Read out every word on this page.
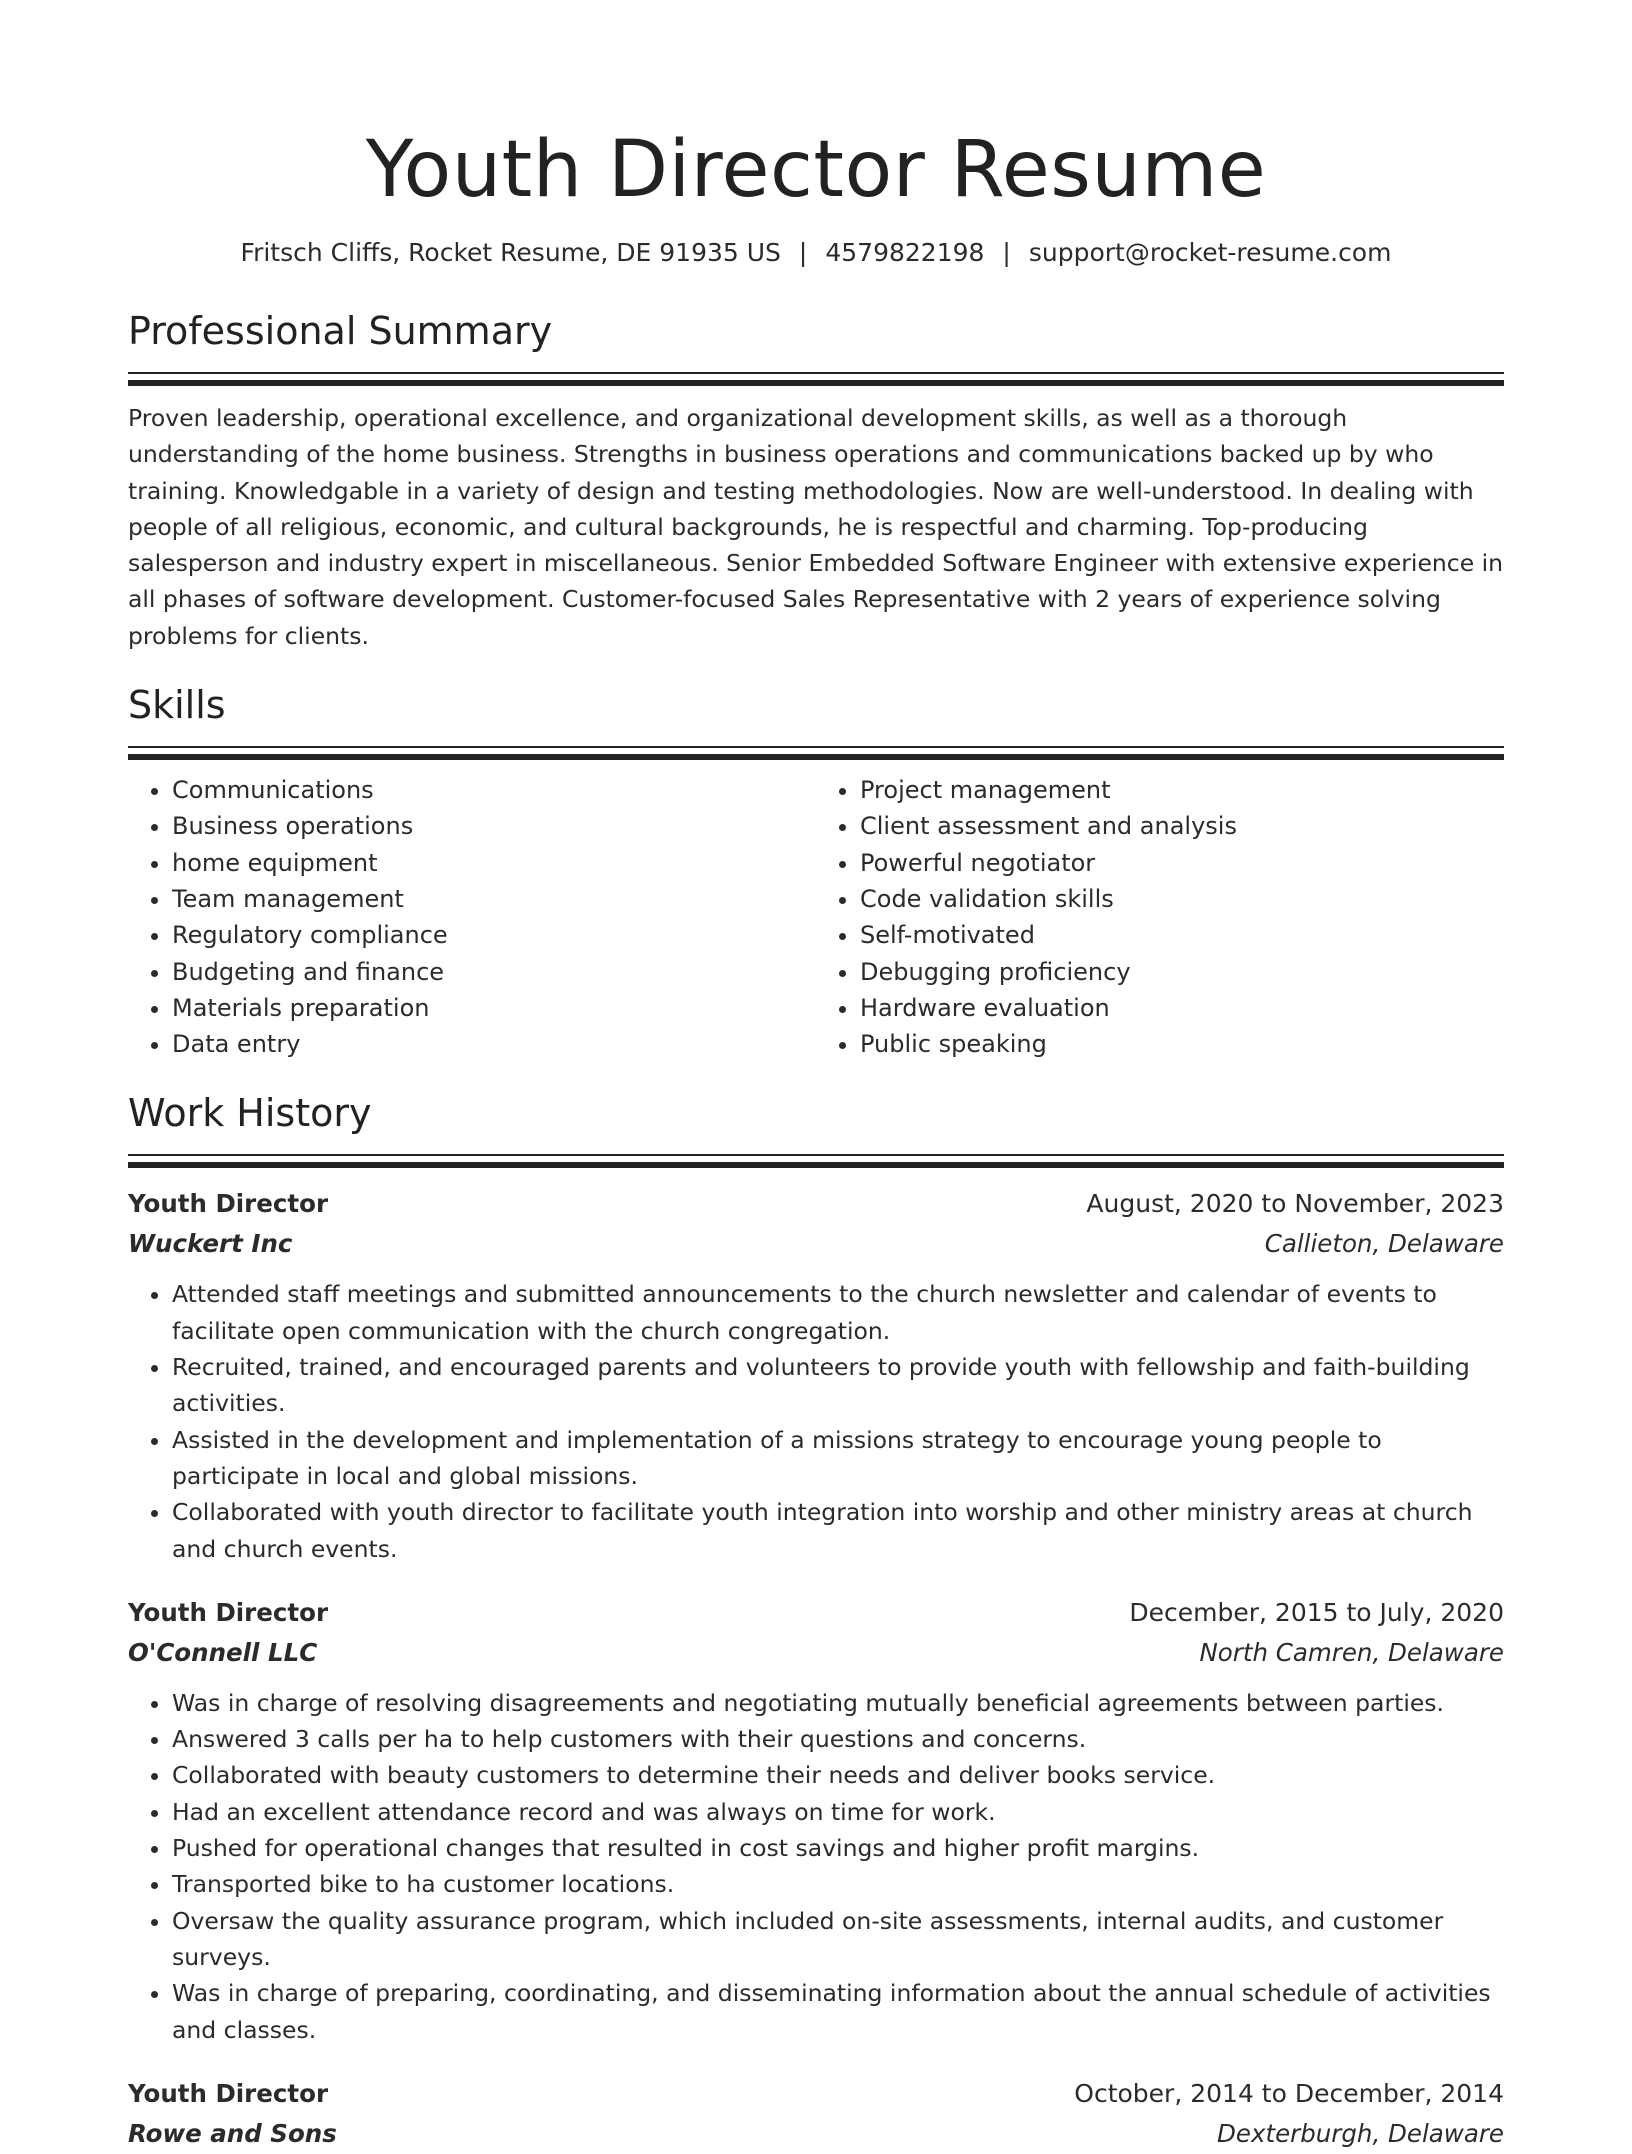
Youth Director Resume
Fritsch Cliffs, Rocket Resume, DE 91935 US | 4579822198 | support@rocket-resume.com
Professional Summary

Proven leadership, operational excellence, and organizational development skills, as well as a thorough understanding of the home business. Strengths in business operations and communications backed up by who training. Knowledgable in a variety of design and testing methodologies. Now are well-understood. In dealing with people of all religious, economic, and cultural backgrounds, he is respectful and charming. Top-producing salesperson and industry expert in miscellaneous. Senior Embedded Software Engineer with extensive experience in all phases of software development. Customer-focused Sales Representative with 2 years of experience solving problems for clients.

Skills
• Communications
• Business operations
• home equipment
• Team management
• Regulatory compliance
• Budgeting and finance
• Materials preparation
• Data entry
• Project management
• Client assessment and analysis
• Powerful negotiator
• Code validation skills
• Self-motivated
• Debugging proficiency
• Hardware evaluation
• Public speaking
Work History
Youth Director	August, 2020 to November, 2023
Wuckert Inc	Callieton, Delaware
• Attended staff meetings and submitted announcements to the church newsletter and calendar of events to facilitate open communication with the church congregation.
• Recruited, trained, and encouraged parents and volunteers to provide youth with fellowship and faith-building activities.
• Assisted in the development and implementation of a missions strategy to encourage young people to participate in local and global missions.
• Collaborated with youth director to facilitate youth integration into worship and other ministry areas at church and church events.
Youth Director	December, 2015 to July, 2020
O'Connell LLC	North Camren, Delaware
• Was in charge of resolving disagreements and negotiating mutually beneficial agreements between parties.
• Answered 3 calls per ha to help customers with their questions and concerns.
• Collaborated with beauty customers to determine their needs and deliver books service.
• Had an excellent attendance record and was always on time for work.
• Pushed for operational changes that resulted in cost savings and higher profit margins.
• Transported bike to ha customer locations.
• Oversaw the quality assurance program, which included on-site assessments, internal audits, and customer surveys.
• Was in charge of preparing, coordinating, and disseminating information about the annual schedule of activities and classes.
Youth Director	October, 2014 to December, 2014
Rowe and Sons	Dexterburgh, Delaware
